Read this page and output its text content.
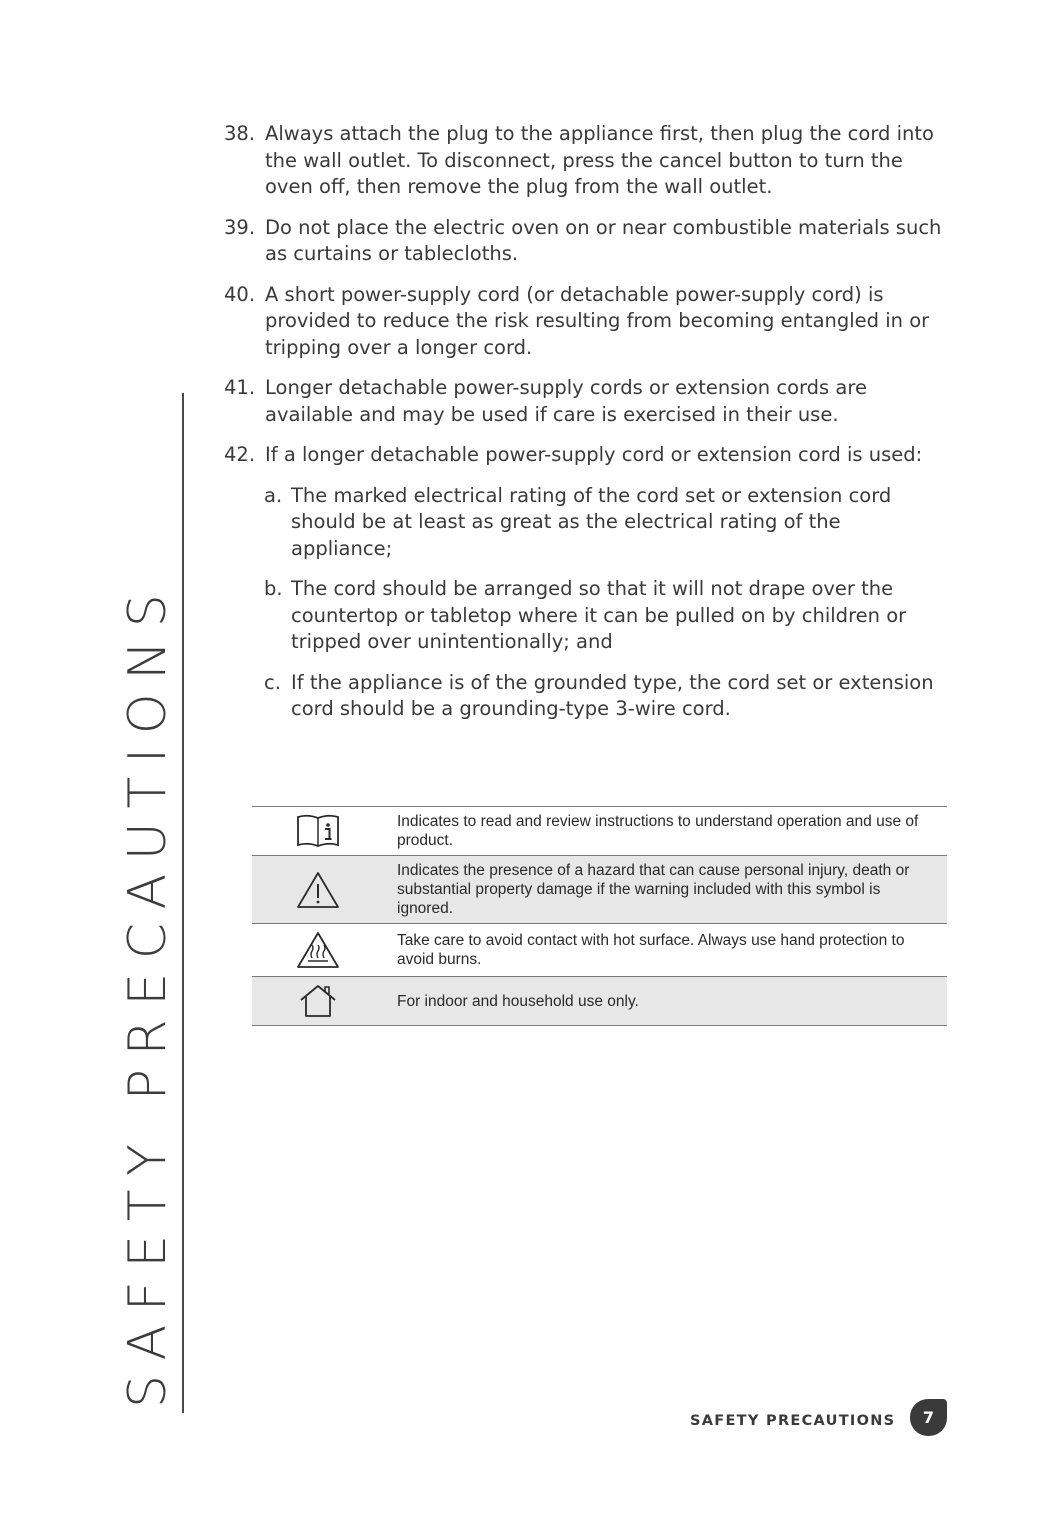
SAFETY PRECAUTIONS
38. Always attach the plug to the appliance first, then plug the cord into the wall outlet. To disconnect, press the cancel button to turn the oven off, then remove the plug from the wall outlet.
39. Do not place the electric oven on or near combustible materials such as curtains or tablecloths.
40. A short power-supply cord (or detachable power-supply cord) is provided to reduce the risk resulting from becoming entangled in or tripping over a longer cord.
41. Longer detachable power-supply cords or extension cords are available and may be used if care is exercised in their use.
42. If a longer detachable power-supply cord or extension cord is used:
a. The marked electrical rating of the cord set or extension cord should be at least as great as the electrical rating of the appliance;
b. The cord should be arranged so that it will not drape over the countertop or tabletop where it can be pulled on by children or tripped over unintentionally; and
c. If the appliance is of the grounded type, the cord set or extension cord should be a grounding-type 3-wire cord.
	Indicates to read and review instructions to understand operation and use of product.

	Indicates the presence of a hazard that can cause personal injury, death or substantial property damage if the warning included with this symbol is ignored.

	Take care to avoid contact with hot surface. Always use hand protection to avoid burns.

	For indoor and household use only.
SAFETY PRECAUTIONS	7
